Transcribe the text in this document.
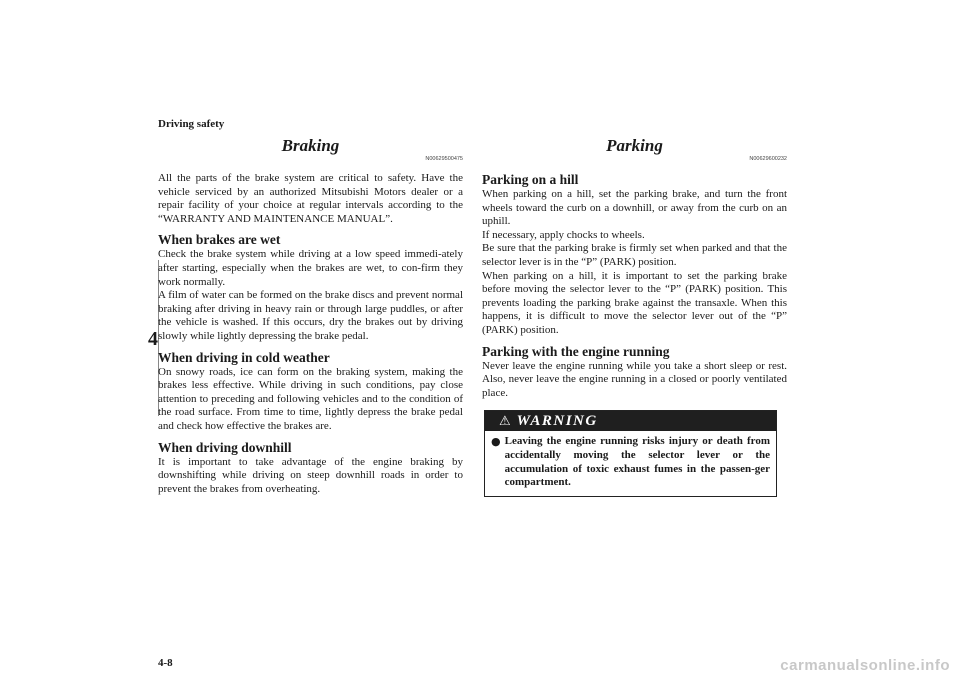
Driving safety
4
Braking
N00629500475

All the parts of the brake system are critical to safety. Have the vehicle serviced by an authorized Mitsubishi Motors dealer or a repair facility of your choice at regular intervals according to the “WARRANTY AND MAINTENANCE MANUAL”.

When brakes are wet

Check the brake system while driving at a low speed immedi-ately after starting, especially when the brakes are wet, to con-firm they work normally.

A film of water can be formed on the brake discs and prevent normal braking after driving in heavy rain or through large puddles, or after the vehicle is washed. If this occurs, dry the brakes out by driving slowly while lightly depressing the brake pedal.

When driving in cold weather

On snowy roads, ice can form on the braking system, making the brakes less effective. While driving in such conditions, pay close attention to preceding and following vehicles and to the condition of the road surface. From time to time, lightly depress the brake pedal and check how effective the brakes are.

When driving downhill

It is important to take advantage of the engine braking by downshifting while driving on steep downhill roads in order to prevent the brakes from overheating.

Parking
N00629600232
Parking on a hill

When parking on a hill, set the parking brake, and turn the front wheels toward the curb on a downhill, or away from the curb on an uphill.

If necessary, apply chocks to wheels.

Be sure that the parking brake is firmly set when parked and that the selector lever is in the “P” (PARK) position.

When parking on a hill, it is important to set the parking brake before moving the selector lever to the “P” (PARK) position. This prevents loading the parking brake against the transaxle. When this happens, it is difficult to move the selector lever out of the “P” (PARK) position.

Parking with the engine running

Never leave the engine running while you take a short sleep or rest. Also, never leave the engine running in a closed or poorly ventilated place.

⚠ WARNING
● Leaving the engine running risks injury or death from accidentally moving the selector lever or the accumulation of toxic exhaust fumes in the passen-ger compartment.
4-8	carmanualsonline.info
